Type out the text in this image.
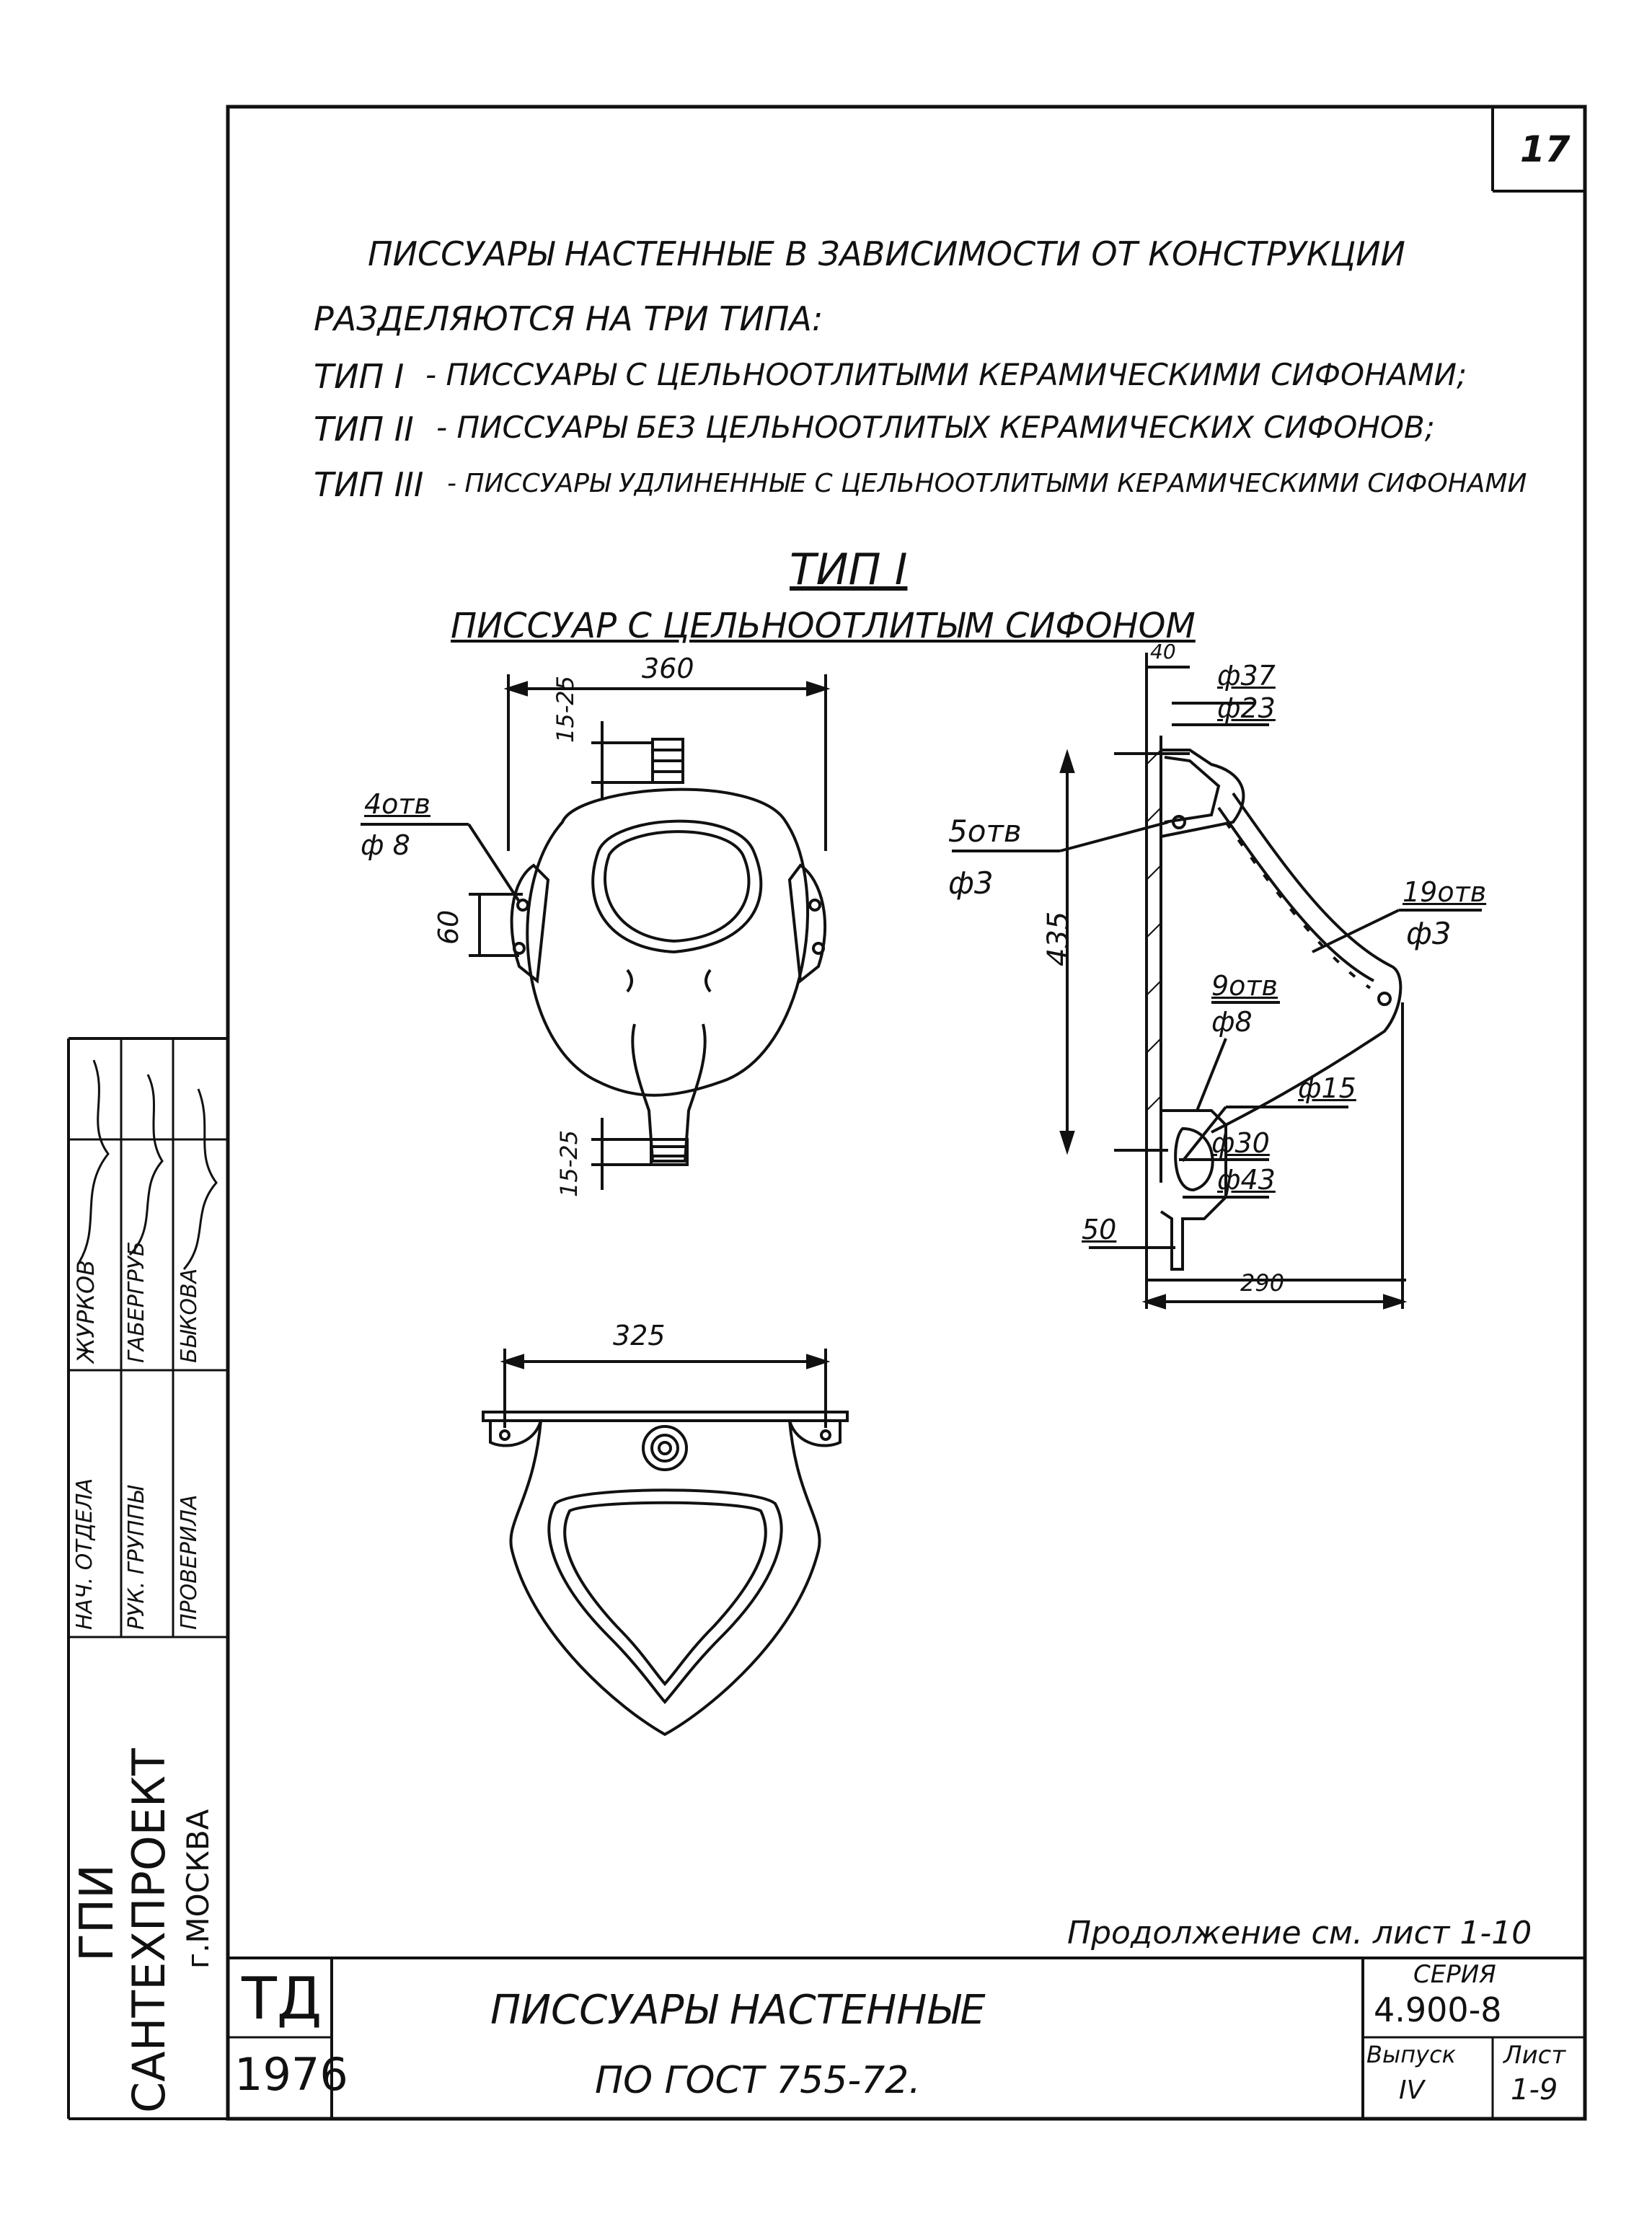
17
ПИССУАРЫ НАСТЕННЫЕ В ЗАВИСИМОСТИ ОТ КОНСТРУКЦИИ
РАЗДЕЛЯЮТСЯ НА ТРИ ТИПА:
ТИП I - ПИССУАРЫ С ЦЕЛЬНООТЛИТЫМИ КЕРАМИЧЕСКИМИ СИФОНАМИ;
ТИП II - ПИССУАРЫ БЕЗ ЦЕЛЬНООТЛИТЫХ КЕРАМИЧЕСКИХ СИФОНОВ;
ТИП III - ПИССУАРЫ УДЛИНЕННЫЕ С ЦЕЛЬНООТЛИТЫМИ КЕРАМИЧЕСКИМИ СИФОНАМИ
ТИП I
ПИССУАР С ЦЕЛЬНООТЛИТЫМ СИФОНОМ
360
15-25
15-25
4отв
ф 8
60
40
ф37
ф23
5отв
ф3	19отв
ф3
435
9отв
ф8
ф15
ф30
ф43
50
290
325
Продолжение см. лист 1-10
ГПИ
САНТЕХПРОЕКТ г.МОСКВА
НАЧ. ОТДЕЛА
ЖУРКОВ
РУК. ГРУППЫ
ГАБЕРГРУБ
ПРОВЕРИЛА
БЫКОВА
ТД
1976
ПИССУАРЫ НАСТЕННЫЕ
ПО ГОСТ 755-72.
СЕРИЯ
4.900-8
Выпуск
IV
Лист
1-9
